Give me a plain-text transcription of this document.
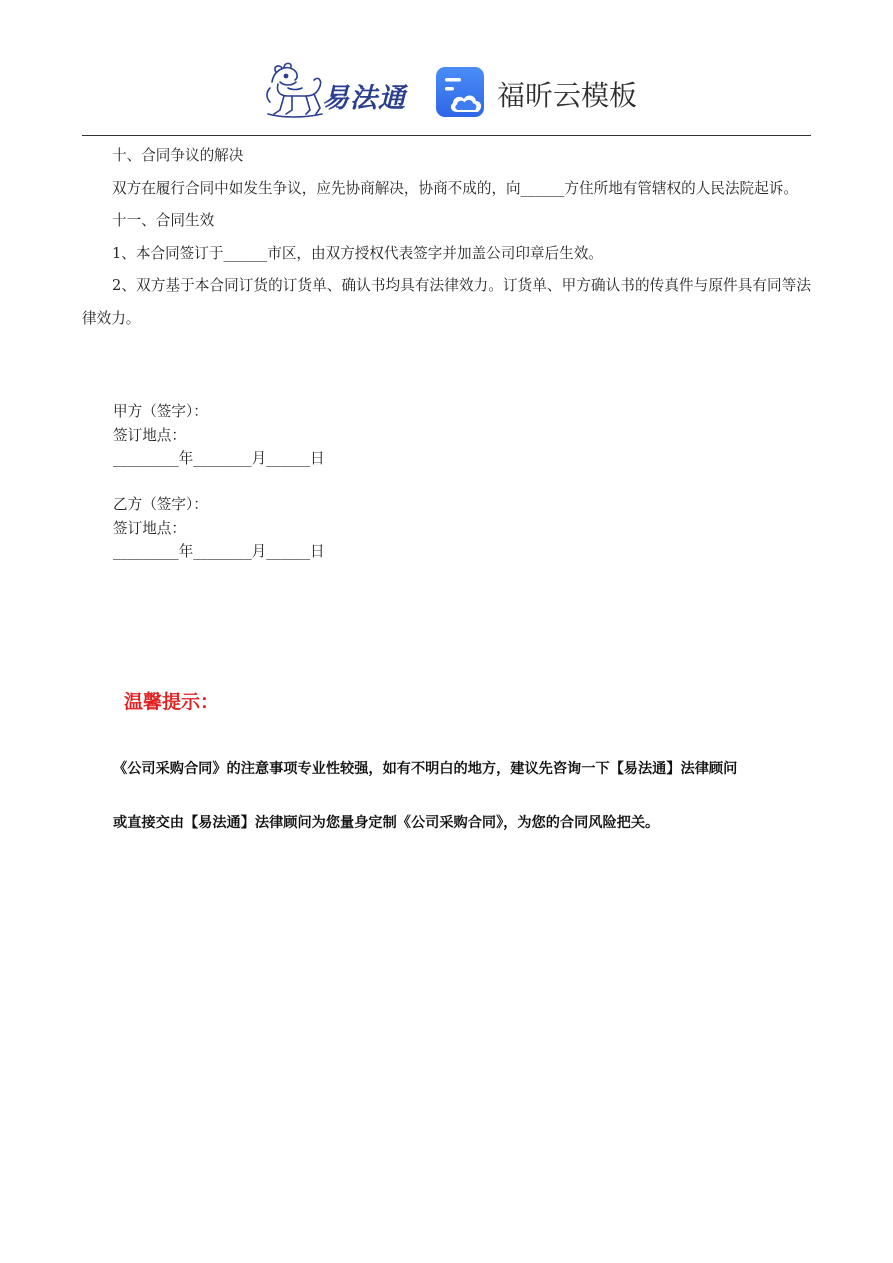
易法通	福昕云模板

十、合同争议的解决

双方在履行合同中如发生争议，应先协商解决，协商不成的，向______方住所地有管辖权的人民法院起诉。

十一、合同生效

1、本合同签订于______市区，由双方授权代表签字并加盖公司印章后生效。

2、双方基于本合同订货的订货单、确认书均具有法律效力。订货单、甲方确认书的传真件与原件具有同等法律效力。

甲方（签字）：
签订地点：
_________年________月______日
乙方（签字）：
签订地点：
_________年________月______日
温馨提示：
《公司采购合同》的注意事项专业性较强，如有不明白的地方，建议先咨询一下【易法通】法律顾问
或直接交由【易法通】法律顾问为您量身定制《公司采购合同》，为您的合同风险把关。
